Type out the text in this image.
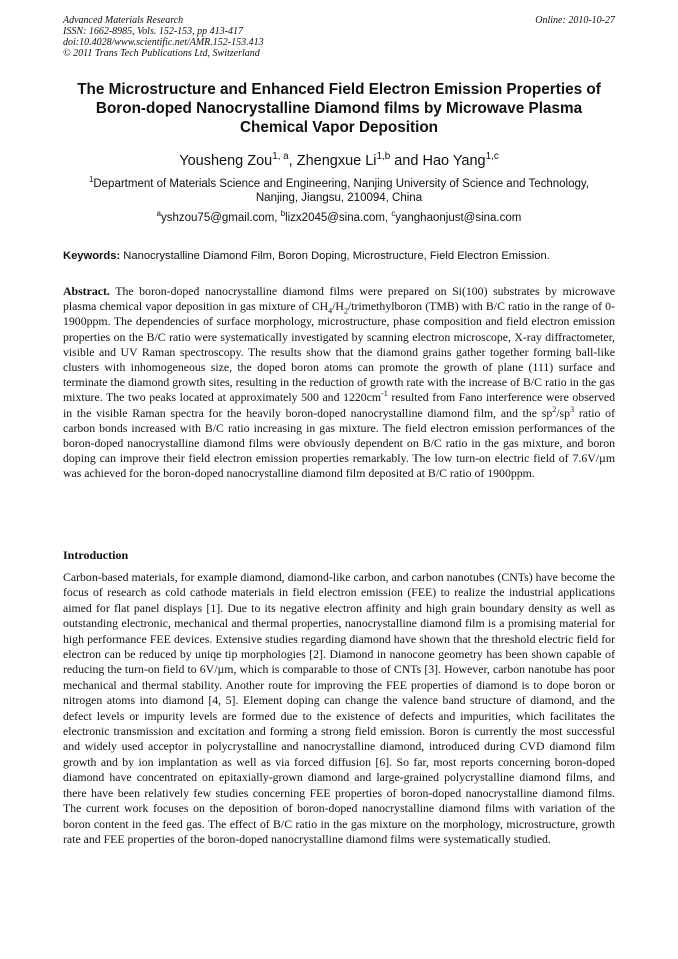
Advanced Materials Research
ISSN: 1662-8985, Vols. 152-153, pp 413-417
doi:10.4028/www.scientific.net/AMR.152-153.413
© 2011 Trans Tech Publications Ltd, Switzerland
Online: 2010-10-27
The Microstructure and Enhanced Field Electron Emission Properties of
Boron-doped Nanocrystalline Diamond films by Microwave Plasma
Chemical Vapor Deposition
Yousheng Zou$^{1, a}$, Zhengxue Li$^{1,b}$ and Hao Yang$^{1,c}$
$^1$Department of Materials Science and Engineering, Nanjing University of Science and Technology,
Nanjing, Jiangsu, 210094, China
$^a$yshzou75@gmail.com, $^b$lizx2045@sina.com, $^c$yanghaonjust@sina.com
Keywords: Nanocrystalline Diamond Film, Boron Doping, Microstructure, Field Electron Emission.

Abstract. The boron-doped nanocrystalline diamond films were prepared on Si(100) substrates by microwave plasma chemical vapor deposition in gas mixture of $CH_4/H_2$/trimethylboron (TMB) with B/C ratio in the range of 0-1900ppm. The dependencies of surface morphology, microstructure, phase composition and field electron emission properties on the B/C ratio were systematically investigated by scanning electron microscope, X-ray diffractometer, visible and UV Raman spectroscopy. The results show that the diamond grains gather together forming ball-like clusters with inhomogeneous size, the doped boron atoms can promote the growth of plane (111) surface and terminate the diamond growth sites, resulting in the reduction of growth rate with the increase of B/C ratio in the gas mixture. The two peaks located at approximately 500 and $1220cm^{-1}$ resulted from Fano interference were observed in the visible Raman spectra for the heavily boron-doped nanocrystalline diamond film, and the $sp^2/sp^3$ ratio of carbon bonds increased with B/C ratio increasing in gas mixture. The field electron emission performances of the boron-doped nanocrystalline diamond films were obviously dependent on B/C ratio in the gas mixture, and boron doping can improve their field electron emission properties remarkably. The low turn-on electric field of 7.6V/µm was achieved for the boron-doped nanocrystalline diamond film deposited at B/C ratio of 1900ppm.

Introduction

Carbon-based materials, for example diamond, diamond-like carbon, and carbon nanotubes (CNTs) have become the focus of research as cold cathode materials in field electron emission (FEE) to realize the industrial applications aimed for flat panel displays [1]. Due to its negative electron affinity and high grain boundary density as well as outstanding electronic, mechanical and thermal properties, nanocrystalline diamond film is a promising material for high performance FEE devices. Extensive studies regarding diamond have shown that the threshold electric field for electron can be reduced by uniqe tip morphologies [2]. Diamond in nanocone geometry has been shown capable of reducing the turn-on field to 6V/µm, which is comparable to those of CNTs [3]. However, carbon nanotube has poor mechanical and thermal stability. Another route for improving the FEE properties of diamond is to dope boron or nitrogen atoms into diamond [4, 5]. Element doping can change the valence band structure of diamond, and the defect levels or impurity levels are formed due to the existence of defects and impurities, which facilitates the electronic transmission and excitation and forming a strong field emission. Boron is currently the most successful and widely used acceptor in polycrystalline and nanocrystalline diamond, introduced during CVD diamond film growth and by ion implantation as well as via forced diffusion [6]. So far, most reports concerning boron-doped diamond have concentrated on epitaxially-grown diamond and large-grained polycrystalline diamond films, and there have been relatively few studies concerning FEE properties of boron-doped nanocrystalline diamond films. The current work focuses on the deposition of boron-doped nanocrystalline diamond films with variation of the boron content in the feed gas. The effect of B/C ratio in the gas mixture on the morphology, microstructure, growth rate and FEE properties of the boron-doped nanocrystalline diamond films were systematically studied.
